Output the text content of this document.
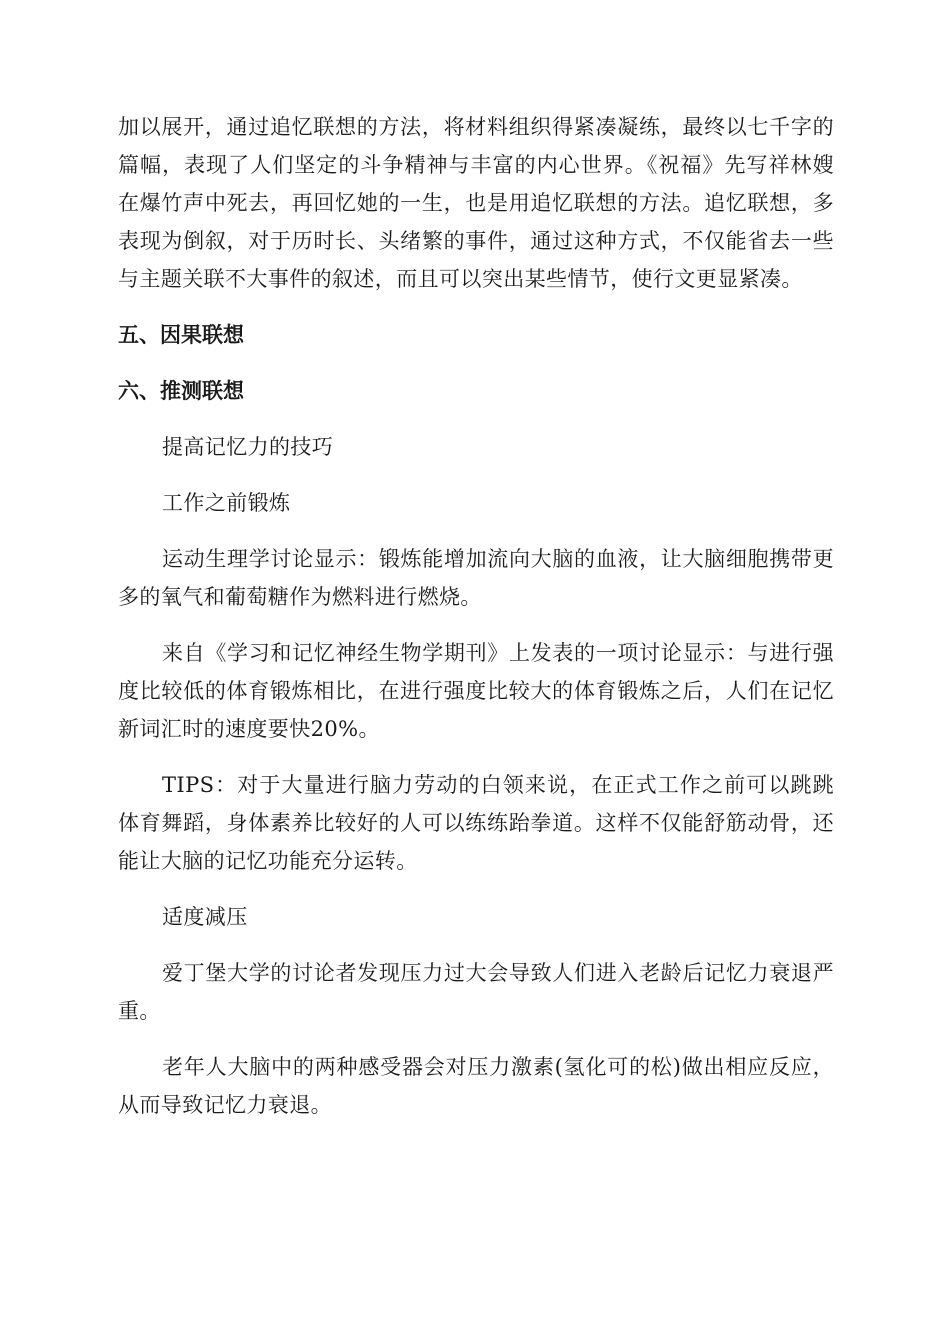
加以展开，通过追忆联想的方法，将材料组织得紧凑凝练，最终以七千字的篇幅，表现了人们坚定的斗争精神与丰富的内心世界。《祝福》先写祥林嫂在爆竹声中死去，再回忆她的一生，也是用追忆联想的方法。追忆联想，多表现为倒叙，对于历时长、头绪繁的事件，通过这种方式，不仅能省去一些与主题关联不大事件的叙述，而且可以突出某些情节，使行文更显紧凑。

五、因果联想

六、推测联想

提高记忆力的技巧

工作之前锻炼

运动生理学讨论显示：锻炼能增加流向大脑的血液，让大脑细胞携带更多的氧气和葡萄糖作为燃料进行燃烧。

来自《学习和记忆神经生物学期刊》上发表的一项讨论显示：与进行强度比较低的体育锻炼相比，在进行强度比较大的体育锻炼之后，人们在记忆新词汇时的速度要快20%。

TIPS：对于大量进行脑力劳动的白领来说，在正式工作之前可以跳跳体育舞蹈，身体素养比较好的人可以练练跆拳道。这样不仅能舒筋动骨，还能让大脑的记忆功能充分运转。

适度减压

爱丁堡大学的讨论者发现压力过大会导致人们进入老龄后记忆力衰退严重。

老年人大脑中的两种感受器会对压力激素(氢化可的松)做出相应反应，从而导致记忆力衰退。
